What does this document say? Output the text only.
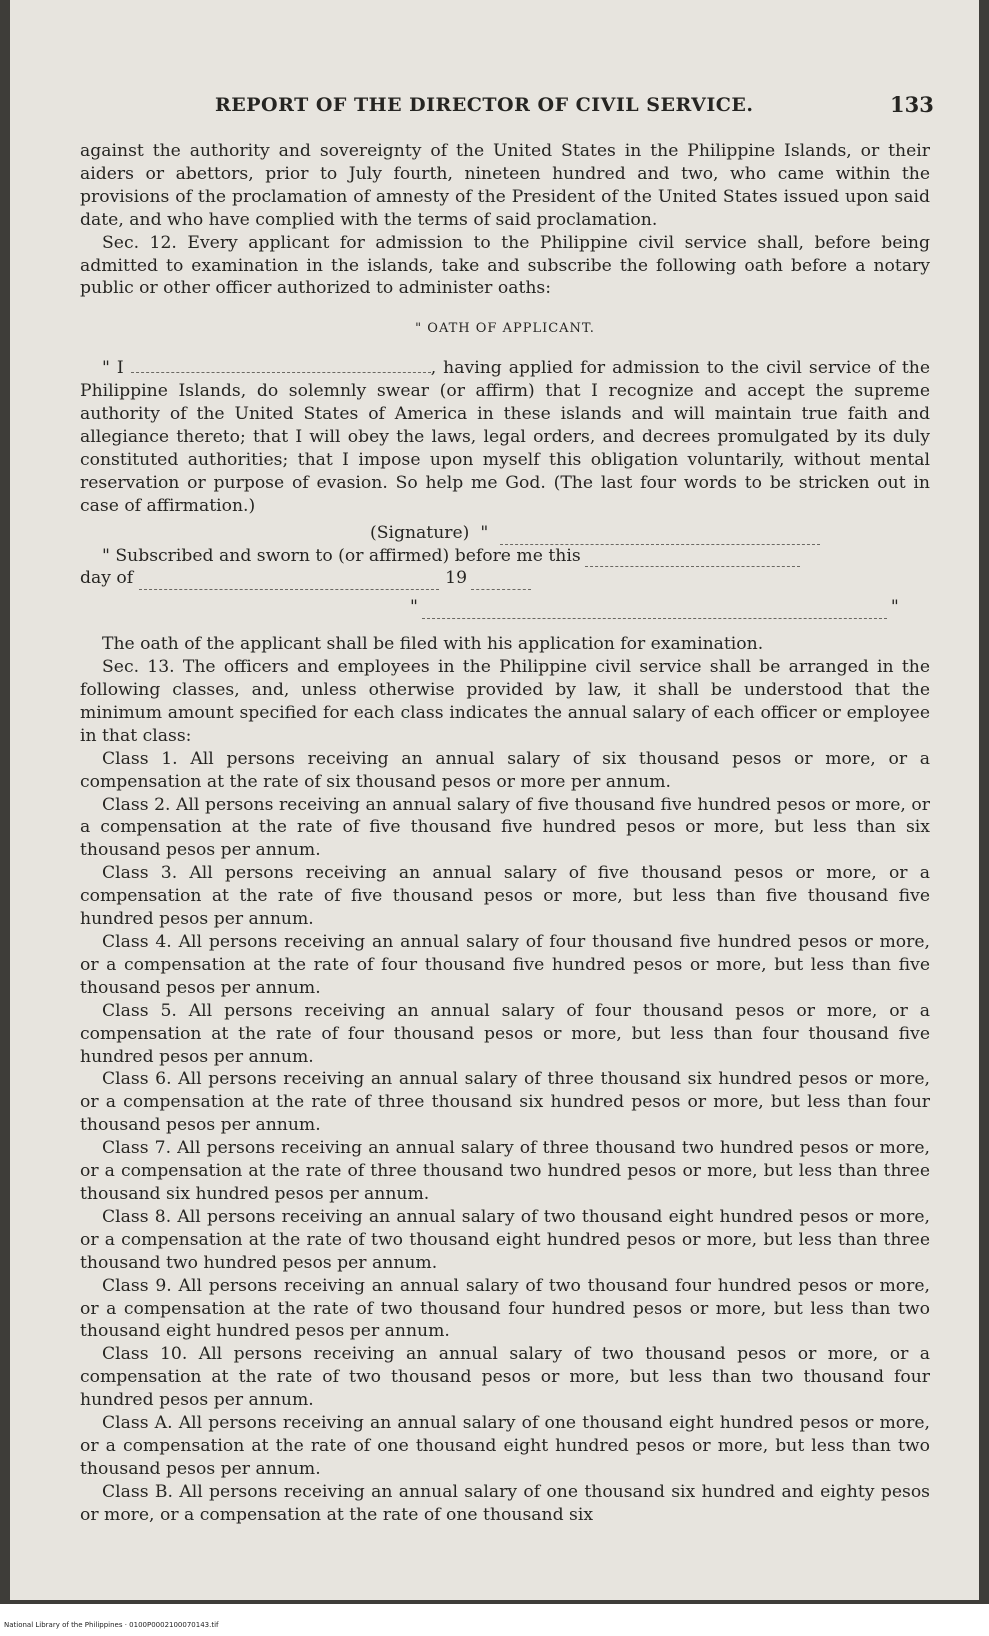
REPORT OF THE DIRECTOR OF CIVIL SERVICE.	133

against the authority and sovereignty of the United States in the Philippine Islands, or their aiders or abettors, prior to July fourth, nineteen hundred and two, who came within the provisions of the proclamation of amnesty of the President of the United States issued upon said date, and who have complied with the terms of said proclamation.

Sec. 12. Every applicant for admission to the Philippine civil service shall, before being admitted to examination in the islands, take and subscribe the following oath before a notary public or other officer authorized to administer oaths:

" OATH OF APPLICANT.

" I	, having applied for admission to the civil service of the Philippine Islands, do solemnly swear (or affirm) that I recognize and accept the supreme authority of the United States of America in these islands and will maintain true faith and allegiance thereto; that I will obey the laws, legal orders, and decrees promulgated by its duly constituted authorities; that I impose upon myself this obligation voluntarily, without mental reservation or purpose of evasion. So help me God. (The last four words to be stricken out in case of affirmation.)

(Signature)
"

" Subscribed and sworn to (or affirmed) before me this

day of	19

"	"

The oath of the applicant shall be filed with his application for examination.

Sec. 13. The officers and employees in the Philippine civil service shall be arranged in the following classes, and, unless otherwise provided by law, it shall be understood that the minimum amount specified for each class indicates the annual salary of each officer or employee in that class:

Class 1. All persons receiving an annual salary of six thousand pesos or more, or a compensation at the rate of six thousand pesos or more per annum.

Class 2. All persons receiving an annual salary of five thousand five hundred pesos or more, or a compensation at the rate of five thousand five hundred pesos or more, but less than six thousand pesos per annum.

Class 3. All persons receiving an annual salary of five thousand pesos or more, or a compensation at the rate of five thousand pesos or more, but less than five thousand five hundred pesos per annum.

Class 4. All persons receiving an annual salary of four thousand five hundred pesos or more, or a compensation at the rate of four thousand five hundred pesos or more, but less than five thousand pesos per annum.

Class 5. All persons receiving an annual salary of four thousand pesos or more, or a compensation at the rate of four thousand pesos or more, but less than four thousand five hundred pesos per annum.

Class 6. All persons receiving an annual salary of three thousand six hundred pesos or more, or a compensation at the rate of three thousand six hundred pesos or more, but less than four thousand pesos per annum.

Class 7. All persons receiving an annual salary of three thousand two hundred pesos or more, or a compensation at the rate of three thousand two hundred pesos or more, but less than three thousand six hundred pesos per annum.

Class 8. All persons receiving an annual salary of two thousand eight hundred pesos or more, or a compensation at the rate of two thousand eight hundred pesos or more, but less than three thousand two hundred pesos per annum.

Class 9. All persons receiving an annual salary of two thousand four hundred pesos or more, or a compensation at the rate of two thousand four hundred pesos or more, but less than two thousand eight hundred pesos per annum.

Class 10. All persons receiving an annual salary of two thousand pesos or more, or a compensation at the rate of two thousand pesos or more, but less than two thousand four hundred pesos per annum.

Class A. All persons receiving an annual salary of one thousand eight hundred pesos or more, or a compensation at the rate of one thousand eight hundred pesos or more, but less than two thousand pesos per annum.

Class B. All persons receiving an annual salary of one thousand six hundred and eighty pesos or more, or a compensation at the rate of one thousand six

National Library of the Philippines · 0100P0002100070143.tif
